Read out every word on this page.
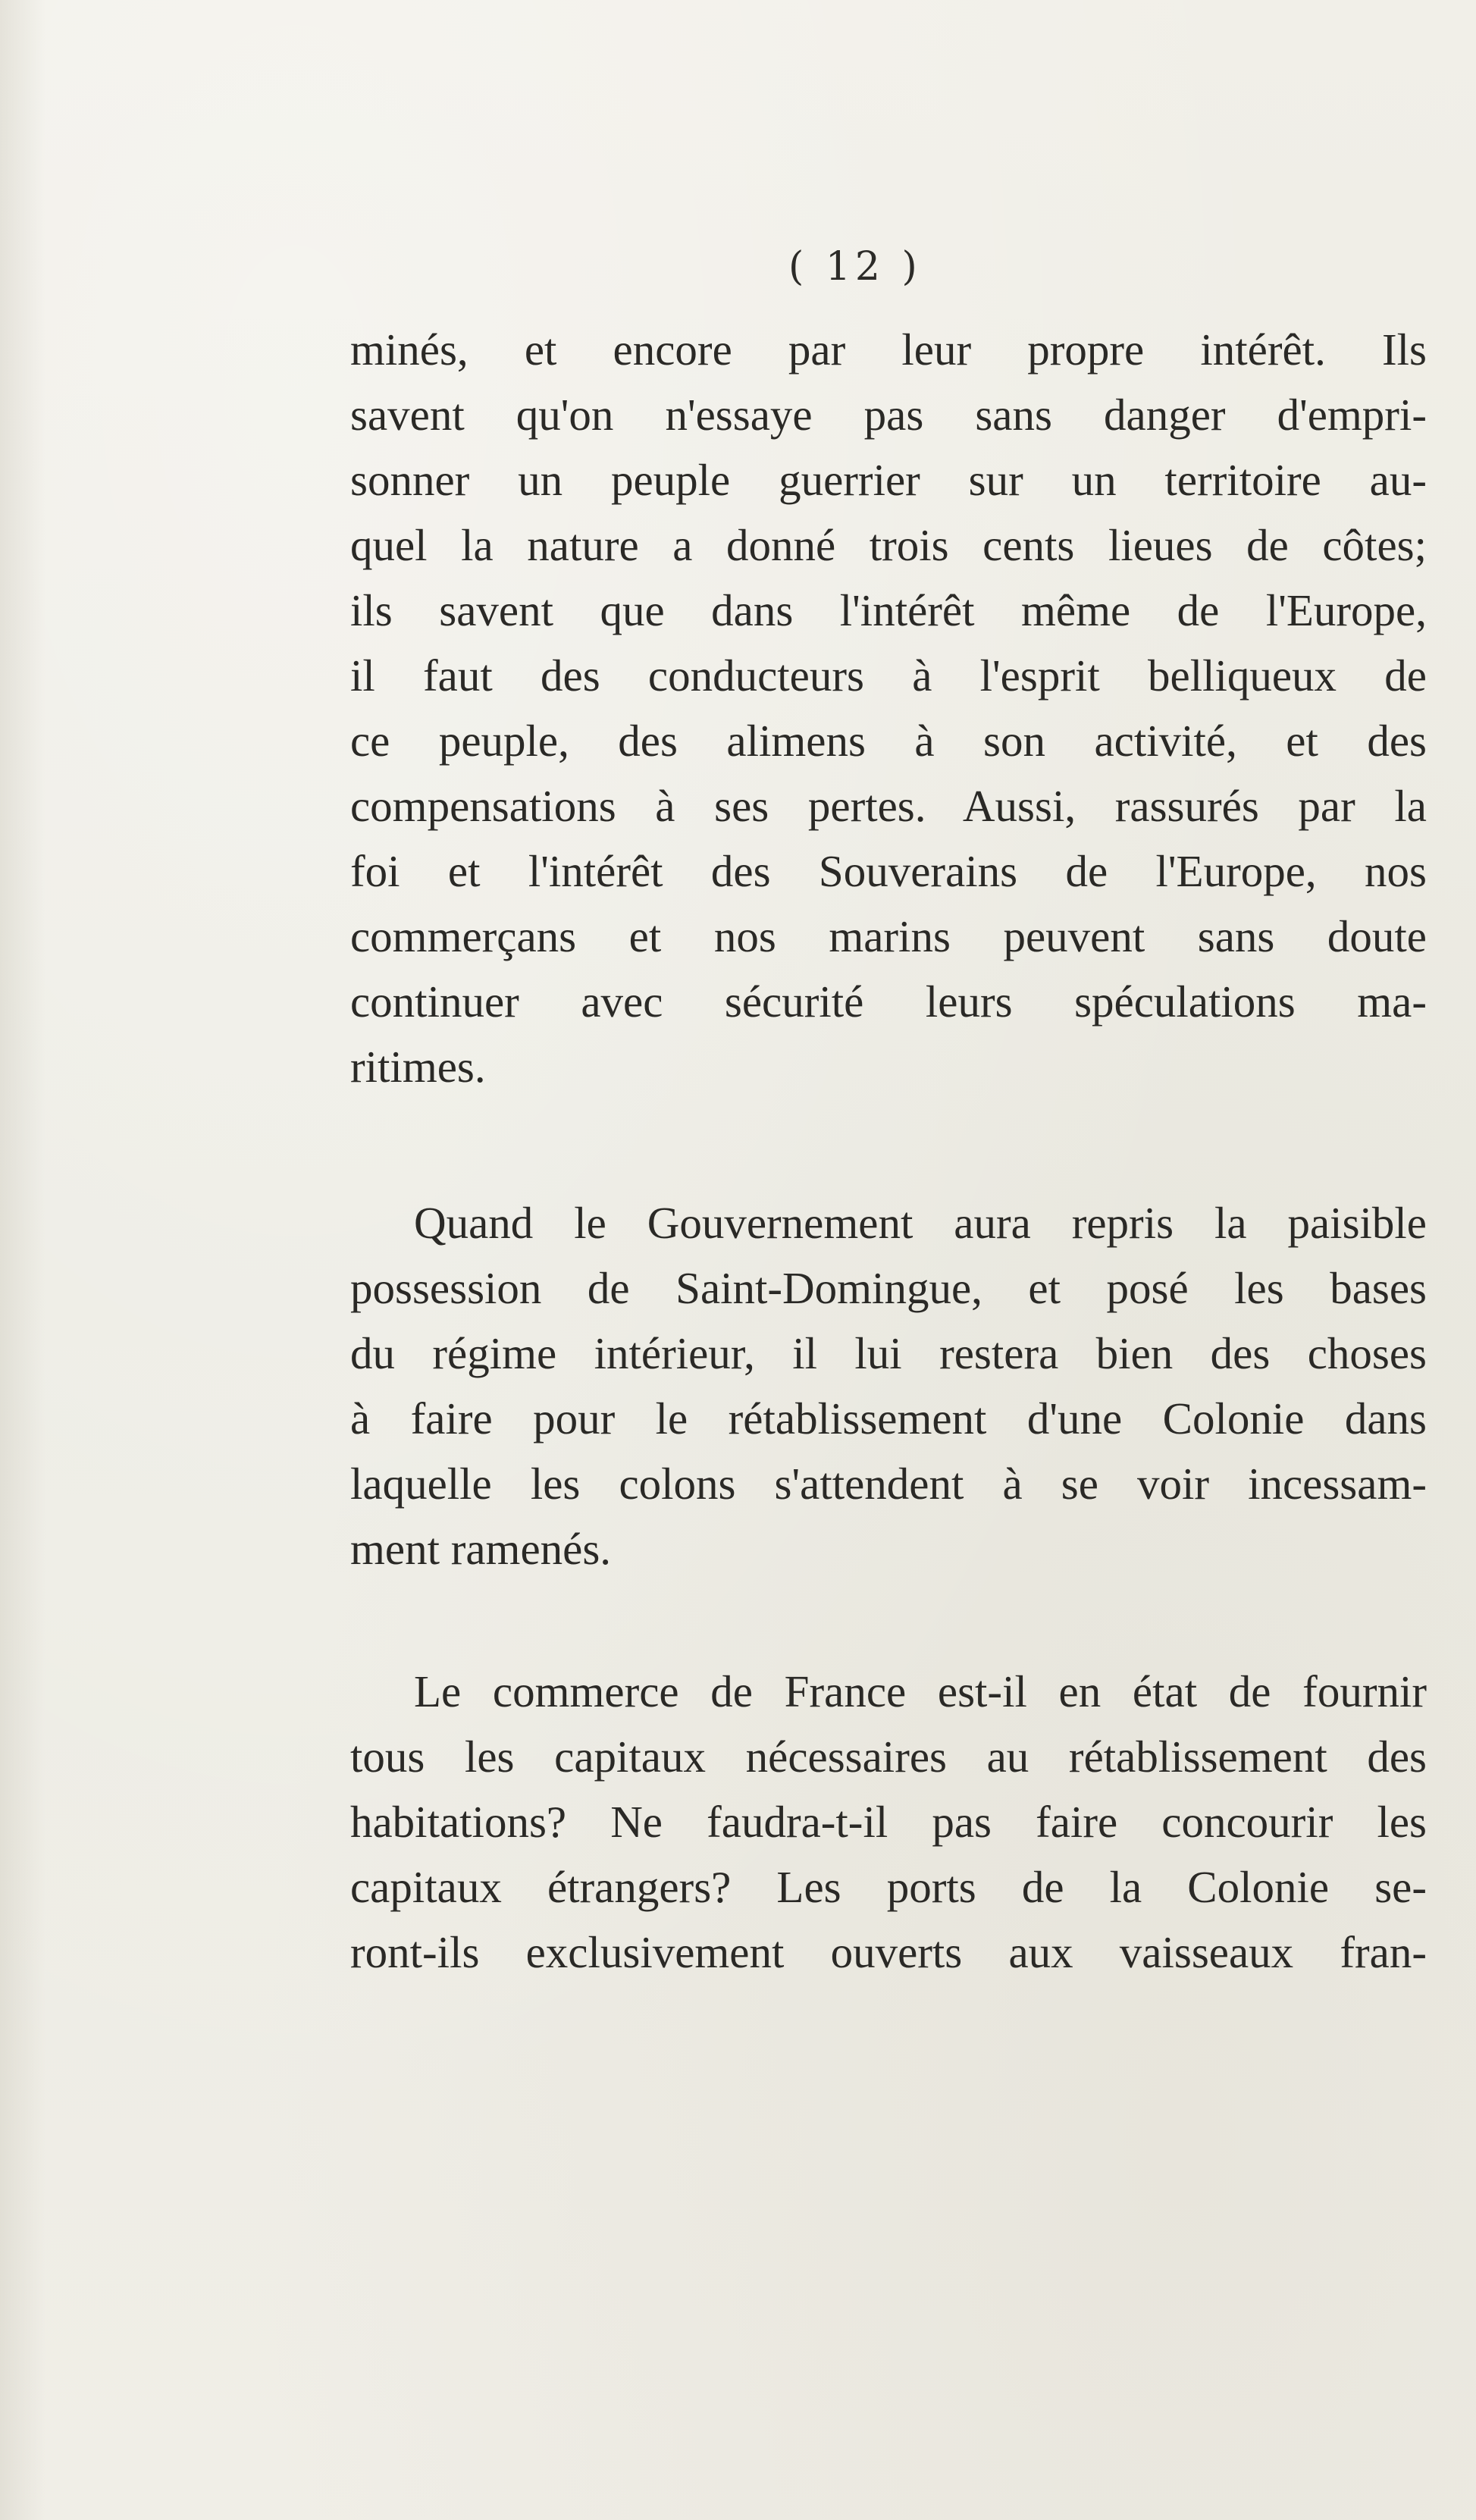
( 12 )
minés, et encore par leur propre intérêt. Ils
savent qu'on n'essaye pas sans danger d'empri-
sonner un peuple guerrier sur un territoire au-
quel la nature a donné trois cents lieues de côtes;
ils savent que dans l'intérêt même de l'Europe,
il faut des conducteurs à l'esprit belliqueux de
ce peuple, des alimens à son activité, et des
compensations à ses pertes. Aussi, rassurés par la
foi et l'intérêt des Souverains de l'Europe, nos
commerçans et nos marins peuvent sans doute
continuer avec sécurité leurs spéculations ma-
ritimes.
Quand le Gouvernement aura repris la paisible
possession de Saint-Domingue, et posé les bases
du régime intérieur, il lui restera bien des choses
à faire pour le rétablissement d'une Colonie dans
laquelle les colons s'attendent à se voir incessam-
ment ramenés.
Le commerce de France est-il en état de fournir
tous les capitaux nécessaires au rétablissement des
habitations? Ne faudra-t-il pas faire concourir les
capitaux étrangers? Les ports de la Colonie se-
ront-ils exclusivement ouverts aux vaisseaux fran-
